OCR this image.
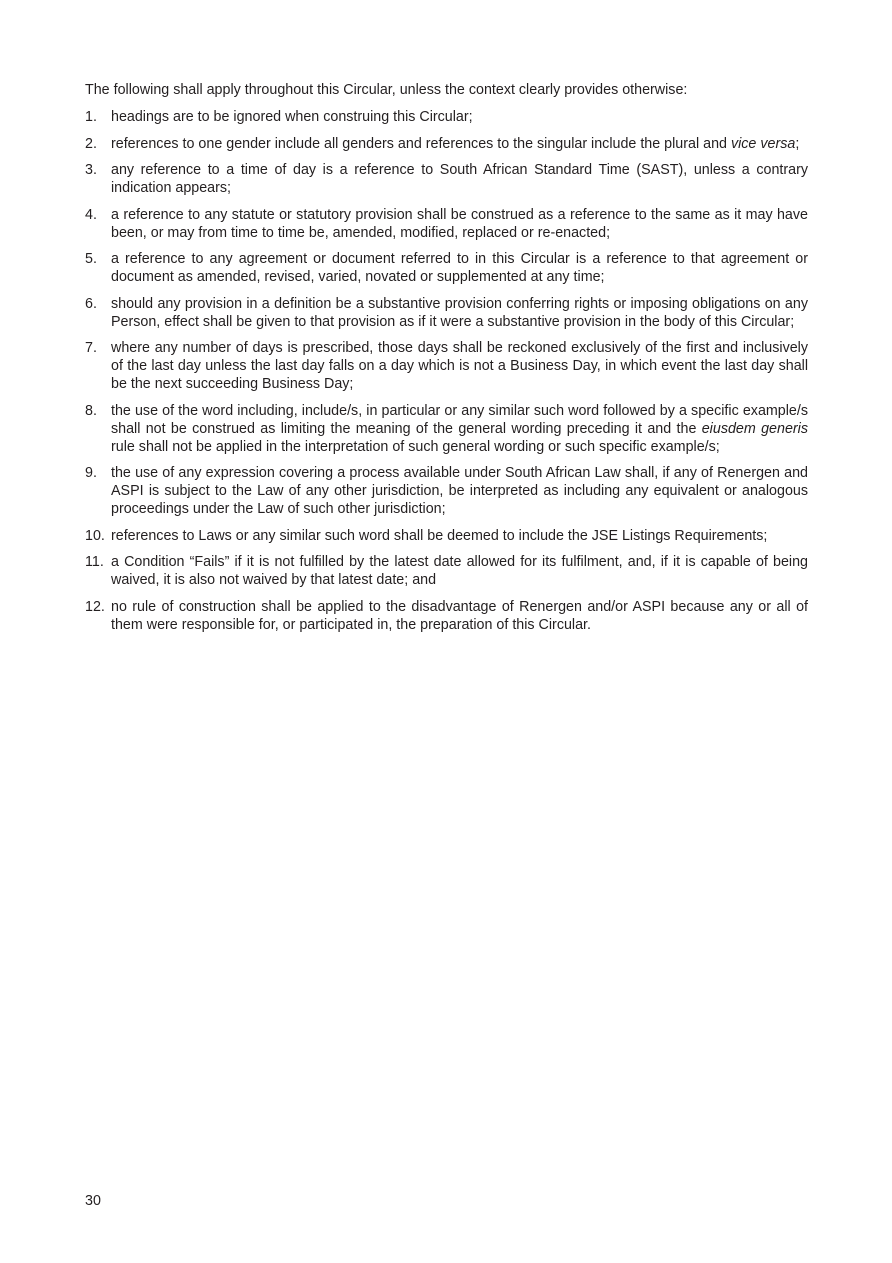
The following shall apply throughout this Circular, unless the context clearly provides otherwise:

1. headings are to be ignored when construing this Circular;
2. references to one gender include all genders and references to the singular include the plural and vice versa;
3. any reference to a time of day is a reference to South African Standard Time (SAST), unless a contrary indication appears;
4. a reference to any statute or statutory provision shall be construed as a reference to the same as it may have been, or may from time to time be, amended, modified, replaced or re-enacted;
5. a reference to any agreement or document referred to in this Circular is a reference to that agreement or document as amended, revised, varied, novated or supplemented at any time;
6. should any provision in a definition be a substantive provision conferring rights or imposing obligations on any Person, effect shall be given to that provision as if it were a substantive provision in the body of this Circular;
7. where any number of days is prescribed, those days shall be reckoned exclusively of the first and inclusively of the last day unless the last day falls on a day which is not a Business Day, in which event the last day shall be the next succeeding Business Day;
8. the use of the word including, include/s, in particular or any similar such word followed by a specific example/s shall not be construed as limiting the meaning of the general wording preceding it and the eiusdem generis rule shall not be applied in the interpretation of such general wording or such specific example/s;
9. the use of any expression covering a process available under South African Law shall, if any of Renergen and ASPI is subject to the Law of any other jurisdiction, be interpreted as including any equivalent or analogous proceedings under the Law of such other jurisdiction;
10. references to Laws or any similar such word shall be deemed to include the JSE Listings Requirements;
11. a Condition “Fails” if it is not fulfilled by the latest date allowed for its fulfilment, and, if it is capable of being waived, it is also not waived by that latest date; and
12. no rule of construction shall be applied to the disadvantage of Renergen and/or ASPI because any or all of them were responsible for, or participated in, the preparation of this Circular.
30
